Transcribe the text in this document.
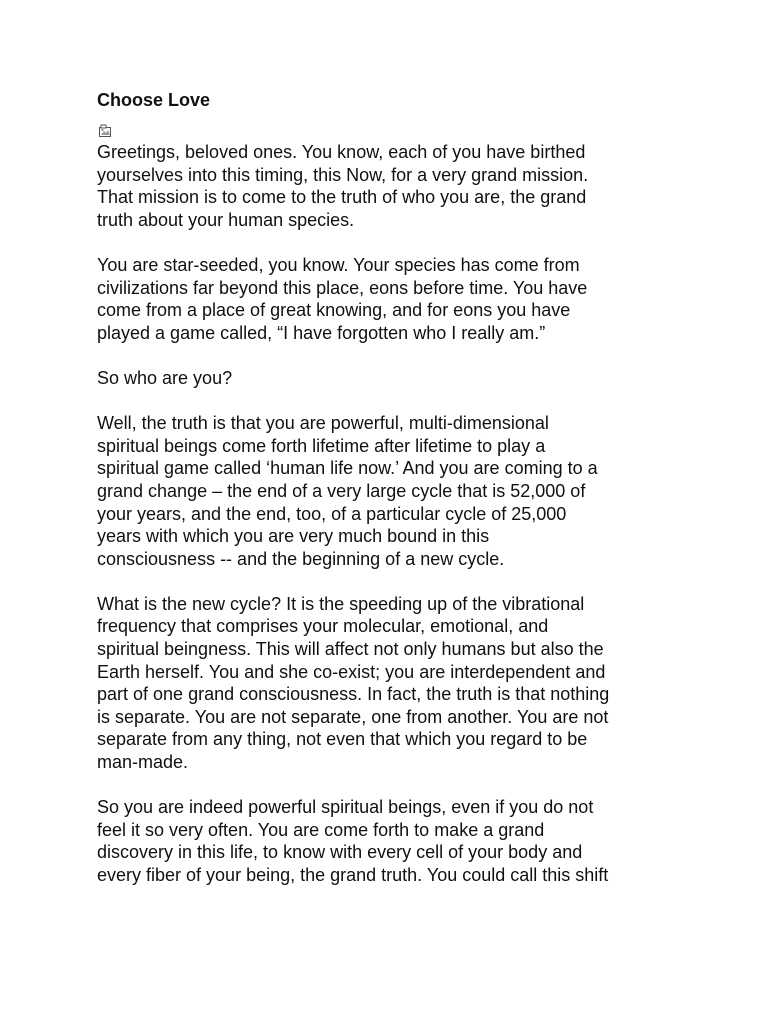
Choose Love
Greetings, beloved ones. You know, each of you have birthed
yourselves into this timing, this Now, for a very grand mission.
That mission is to come to the truth of who you are, the grand
truth about your human species.
You are star-seeded, you know. Your species has come from
civilizations far beyond this place, eons before time. You have
come from a place of great knowing, and for eons you have
played a game called, “I have forgotten who I really am.”
So who are you?
Well, the truth is that you are powerful, multi-dimensional
spiritual beings come forth lifetime after lifetime to play a
spiritual game called ‘human life now.’ And you are coming to a
grand change – the end of a very large cycle that is 52,000 of
your years, and the end, too, of a particular cycle of 25,000
years with which you are very much bound in this
consciousness -- and the beginning of a new cycle.
What is the new cycle? It is the speeding up of the vibrational
frequency that comprises your molecular, emotional, and
spiritual beingness. This will affect not only humans but also the
Earth herself. You and she co-exist; you are interdependent and
part of one grand consciousness. In fact, the truth is that nothing
is separate. You are not separate, one from another. You are not
separate from any thing, not even that which you regard to be
man-made.
So you are indeed powerful spiritual beings, even if you do not
feel it so very often. You are come forth to make a grand
discovery in this life, to know with every cell of your body and
every fiber of your being, the grand truth. You could call this shift
